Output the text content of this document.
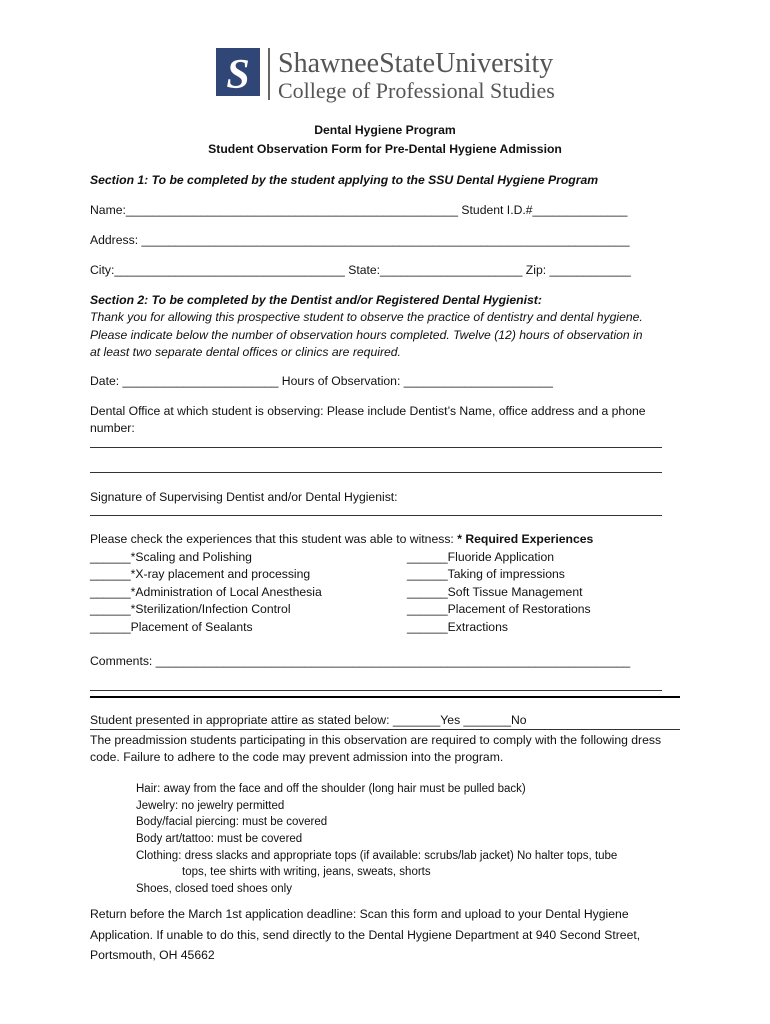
S ShawneeStateUniversity
College of Professional Studies
Dental Hygiene Program
Student Observation Form for Pre-Dental Hygiene Admission
Section 1: To be completed by the student applying to the SSU Dental Hygiene Program
Name:_________________________________________________ Student I.D.#______________
Address: ________________________________________________________________________
City:__________________________________ State:_____________________ Zip: ____________
Section 2: To be completed by the Dentist and/or Registered Dental Hygienist:
Thank you for allowing this prospective student to observe the practice of dentistry and dental hygiene.
Please indicate below the number of observation hours completed. Twelve (12) hours of observation in
at least two separate dental offices or clinics are required.
Date: _______________________ Hours of Observation: ______________________
Dental Office at which student is observing: Please include Dentist’s Name, office address and a phone
number:
Signature of Supervising Dentist and/or Dental Hygienist:
Please check the experiences that this student was able to witness: * Required Experiences
______*Scaling and Polishing
______*X-ray placement and processing
______*Administration of Local Anesthesia
______*Sterilization/Infection Control
______Placement of Sealants
______Fluoride Application
______Taking of impressions
______Soft Tissue Management
______Placement of Restorations
______Extractions
Comments: ______________________________________________________________________
Student presented in appropriate attire as stated below: _______Yes _______No
The preadmission students participating in this observation are required to comply with the following dress
code. Failure to adhere to the code may prevent admission into the program.
Hair: away from the face and off the shoulder (long hair must be pulled back)
Jewelry: no jewelry permitted
Body/facial piercing: must be covered
Body art/tattoo: must be covered
Clothing: dress slacks and appropriate tops (if available: scrubs/lab jacket) No halter tops, tube
tops, tee shirts with writing, jeans, sweats, shorts
Shoes, closed toed shoes only
Return before the March 1st application deadline: Scan this form and upload to your Dental Hygiene
Application. If unable to do this, send directly to the Dental Hygiene Department at 940 Second Street,
Portsmouth, OH 45662
